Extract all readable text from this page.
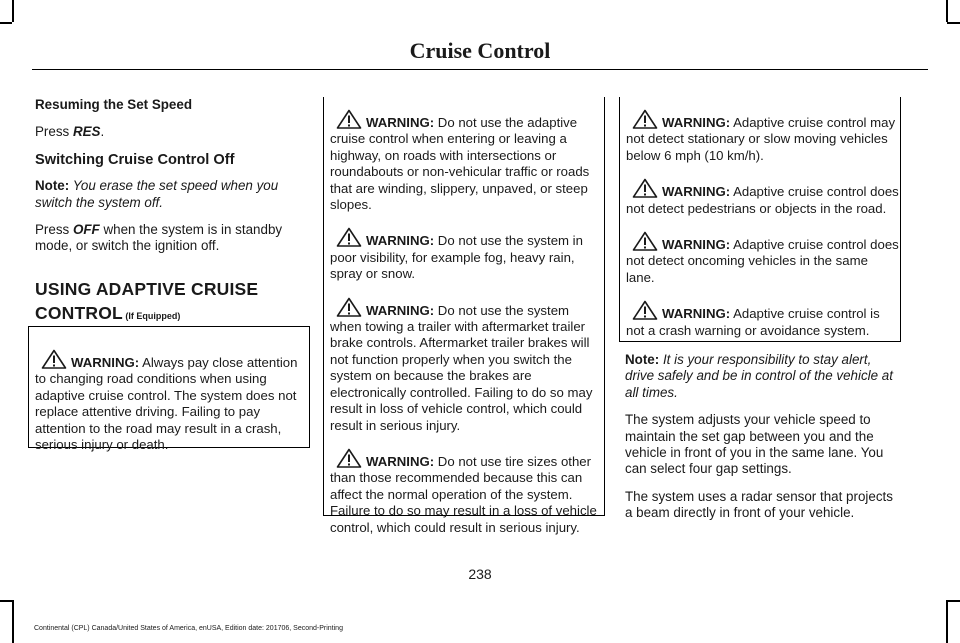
Cruise Control

Resuming the Set Speed

Press RES.

Switching Cruise Control Off

Note: You erase the set speed when you switch the system off.

Press OFF when the system is in standby mode, or switch the ignition off.

USING ADAPTIVE CRUISE
CONTROL (If Equipped)
WARNING: Always pay close attention to changing road conditions when using adaptive cruise control. The system does not replace attentive driving. Failing to pay attention to the road may result in a crash, serious injury or death.
WARNING: Do not use the adaptive cruise control when entering or leaving a highway, on roads with intersections or roundabouts or non-vehicular traffic or roads that are winding, slippery, unpaved, or steep slopes.
WARNING: Do not use the system in poor visibility, for example fog, heavy rain, spray or snow.
WARNING: Do not use the system when towing a trailer with aftermarket trailer brake controls. Aftermarket trailer brakes will not function properly when you switch the system on because the brakes are electronically controlled. Failing to do so may result in loss of vehicle control, which could result in serious injury.
WARNING: Do not use tire sizes other than those recommended because this can affect the normal operation of the system. Failure to do so may result in a loss of vehicle control, which could result in serious injury.
WARNING: Adaptive cruise control may not detect stationary or slow moving vehicles below 6 mph (10 km/h).
WARNING: Adaptive cruise control does not detect pedestrians or objects in the road.
WARNING: Adaptive cruise control does not detect oncoming vehicles in the same lane.
WARNING: Adaptive cruise control is not a crash warning or avoidance system.

Note: It is your responsibility to stay alert, drive safely and be in control of the vehicle at all times.

The system adjusts your vehicle speed to maintain the set gap between you and the vehicle in front of you in the same lane. You can select four gap settings.

The system uses a radar sensor that projects a beam directly in front of your vehicle.

238
Continental (CPL) Canada/United States of America, enUSA, Edition date: 201706, Second-Printing
